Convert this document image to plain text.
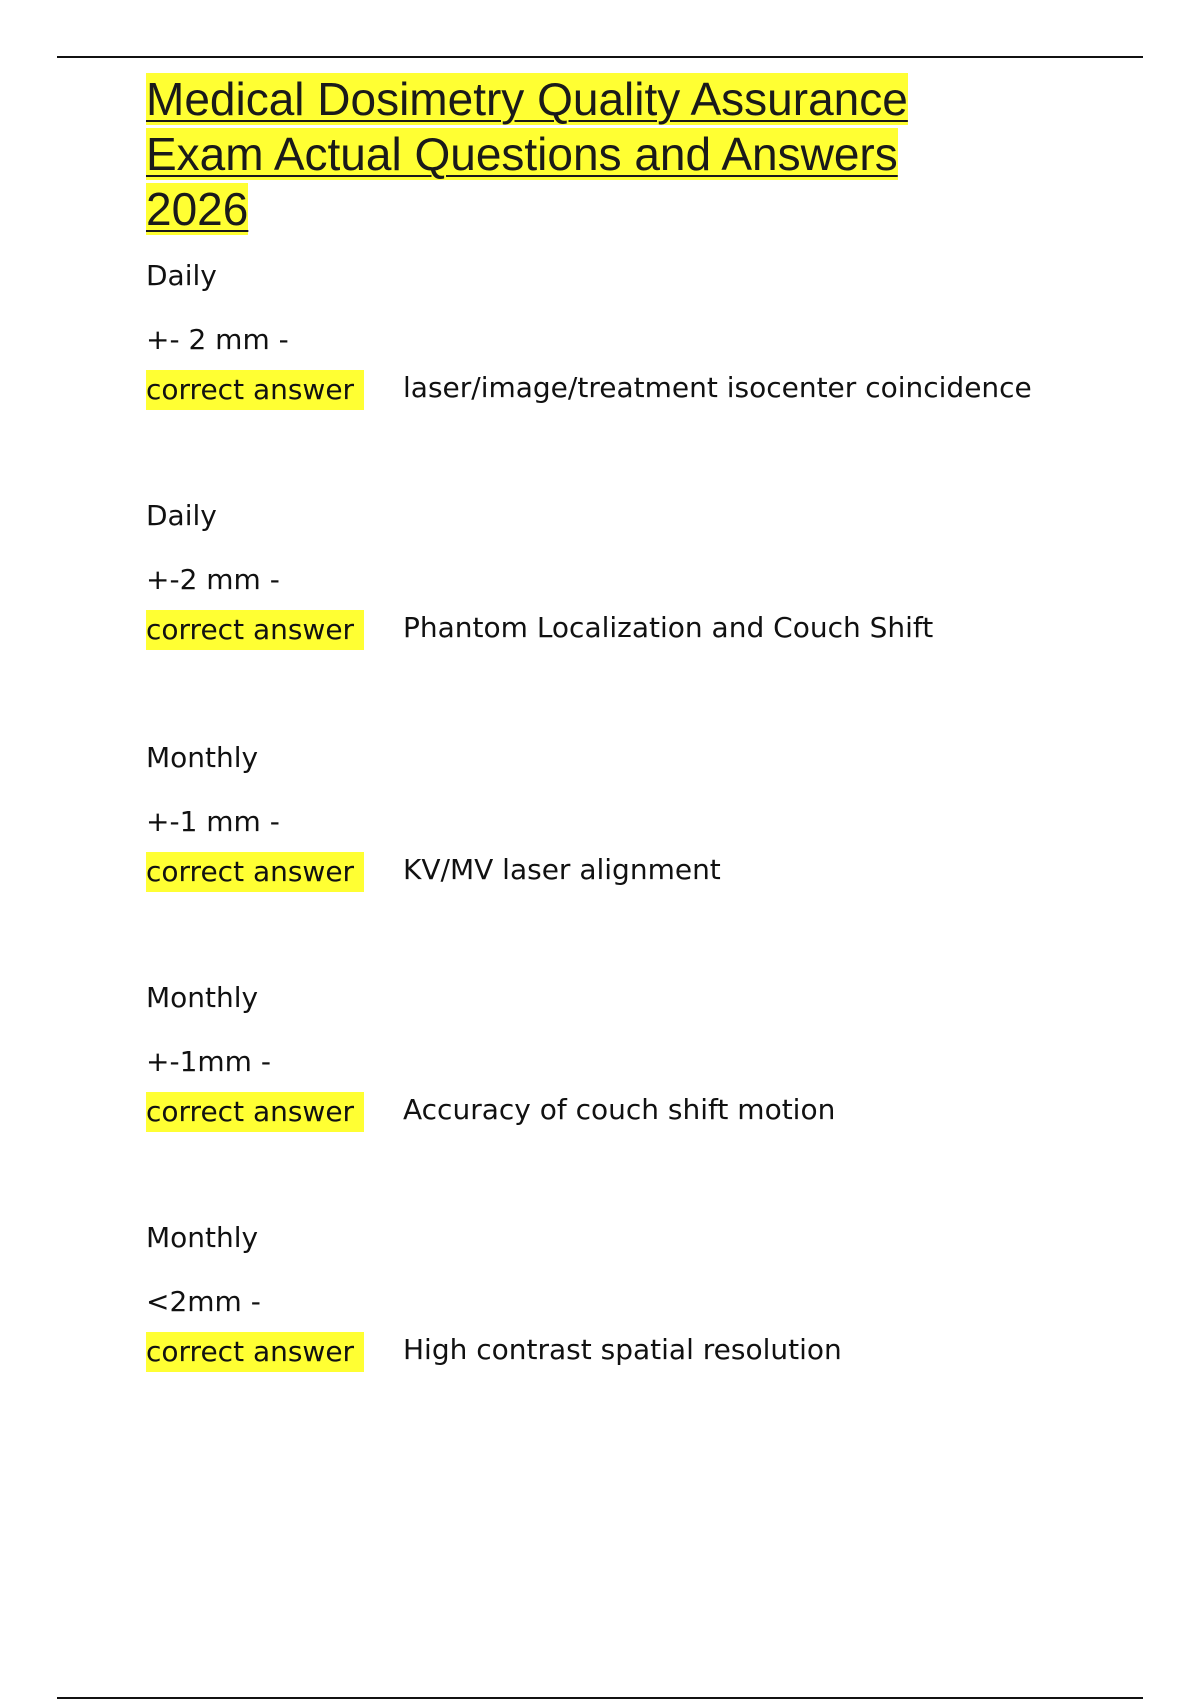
Medical Dosimetry Quality Assurance Exam Actual Questions and Answers 2026
Daily
+- 2 mm -
correct answer laser/image/treatment isocenter coincidence
Daily
+-2 mm -
correct answer Phantom Localization and Couch Shift
Monthly
+-1 mm -
correct answer KV/MV laser alignment
Monthly
+-1mm -
correct answer Accuracy of couch shift motion
Monthly
<2mm -
correct answer High contrast spatial resolution
